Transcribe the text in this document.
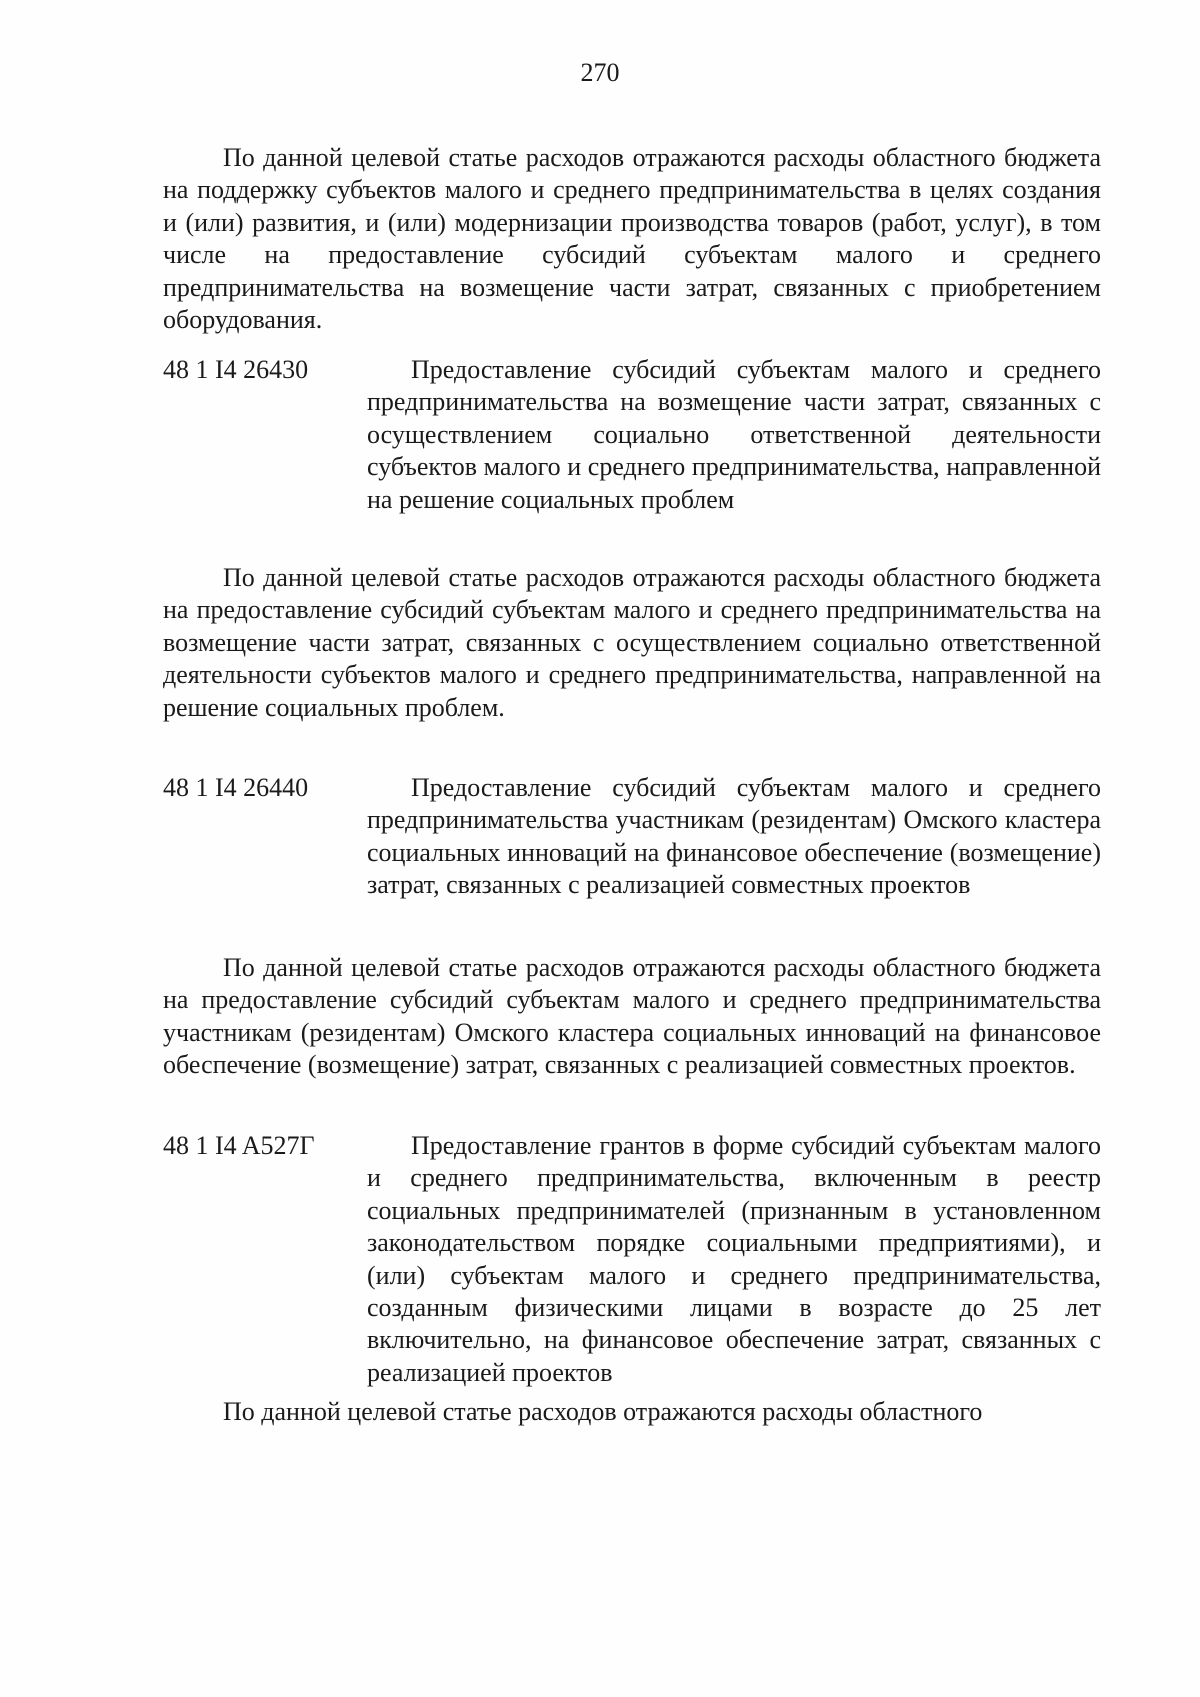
270

По данной целевой статье расходов отражаются расходы областного бюджета на поддержку субъектов малого и среднего предпринимательства в целях создания и (или) развития, и (или) модернизации производства товаров (работ, услуг), в том числе на предоставление субсидий субъектам малого и среднего предпринимательства на возмещение части затрат, связанных с приобретением оборудования.

48 1 I4 26430	Предоставление субсидий субъектам малого и среднего предпринимательства на возмещение части затрат, связанных с осуществлением социально ответственной деятельности субъектов малого и среднего предпринимательства, направленной на решение социальных проблем

По данной целевой статье расходов отражаются расходы областного бюджета на предоставление субсидий субъектам малого и среднего предпринимательства на возмещение части затрат, связанных с осуществлением социально ответственной деятельности субъектов малого и среднего предпринимательства, направленной на решение социальных проблем.

48 1 I4 26440	Предоставление субсидий субъектам малого и среднего предпринимательства участникам (резидентам) Омского кластера социальных инноваций на финансовое обеспечение (возмещение) затрат, связанных с реализацией совместных проектов

По данной целевой статье расходов отражаются расходы областного бюджета на предоставление субсидий субъектам малого и среднего предпринимательства участникам (резидентам) Омского кластера социальных инноваций на финансовое обеспечение (возмещение) затрат, связанных с реализацией совместных проектов.

48 1 I4 A527Г	Предоставление грантов в форме субсидий субъектам малого и среднего предпринимательства, включенным в реестр социальных предпринимателей (признанным в установленном законодательством порядке социальными предприятиями), и (или) субъектам малого и среднего предпринимательства, созданным физическими лицами в возрасте до 25 лет включительно, на финансовое обеспечение затрат, связанных с реализацией проектов

По данной целевой статье расходов отражаются расходы областного
